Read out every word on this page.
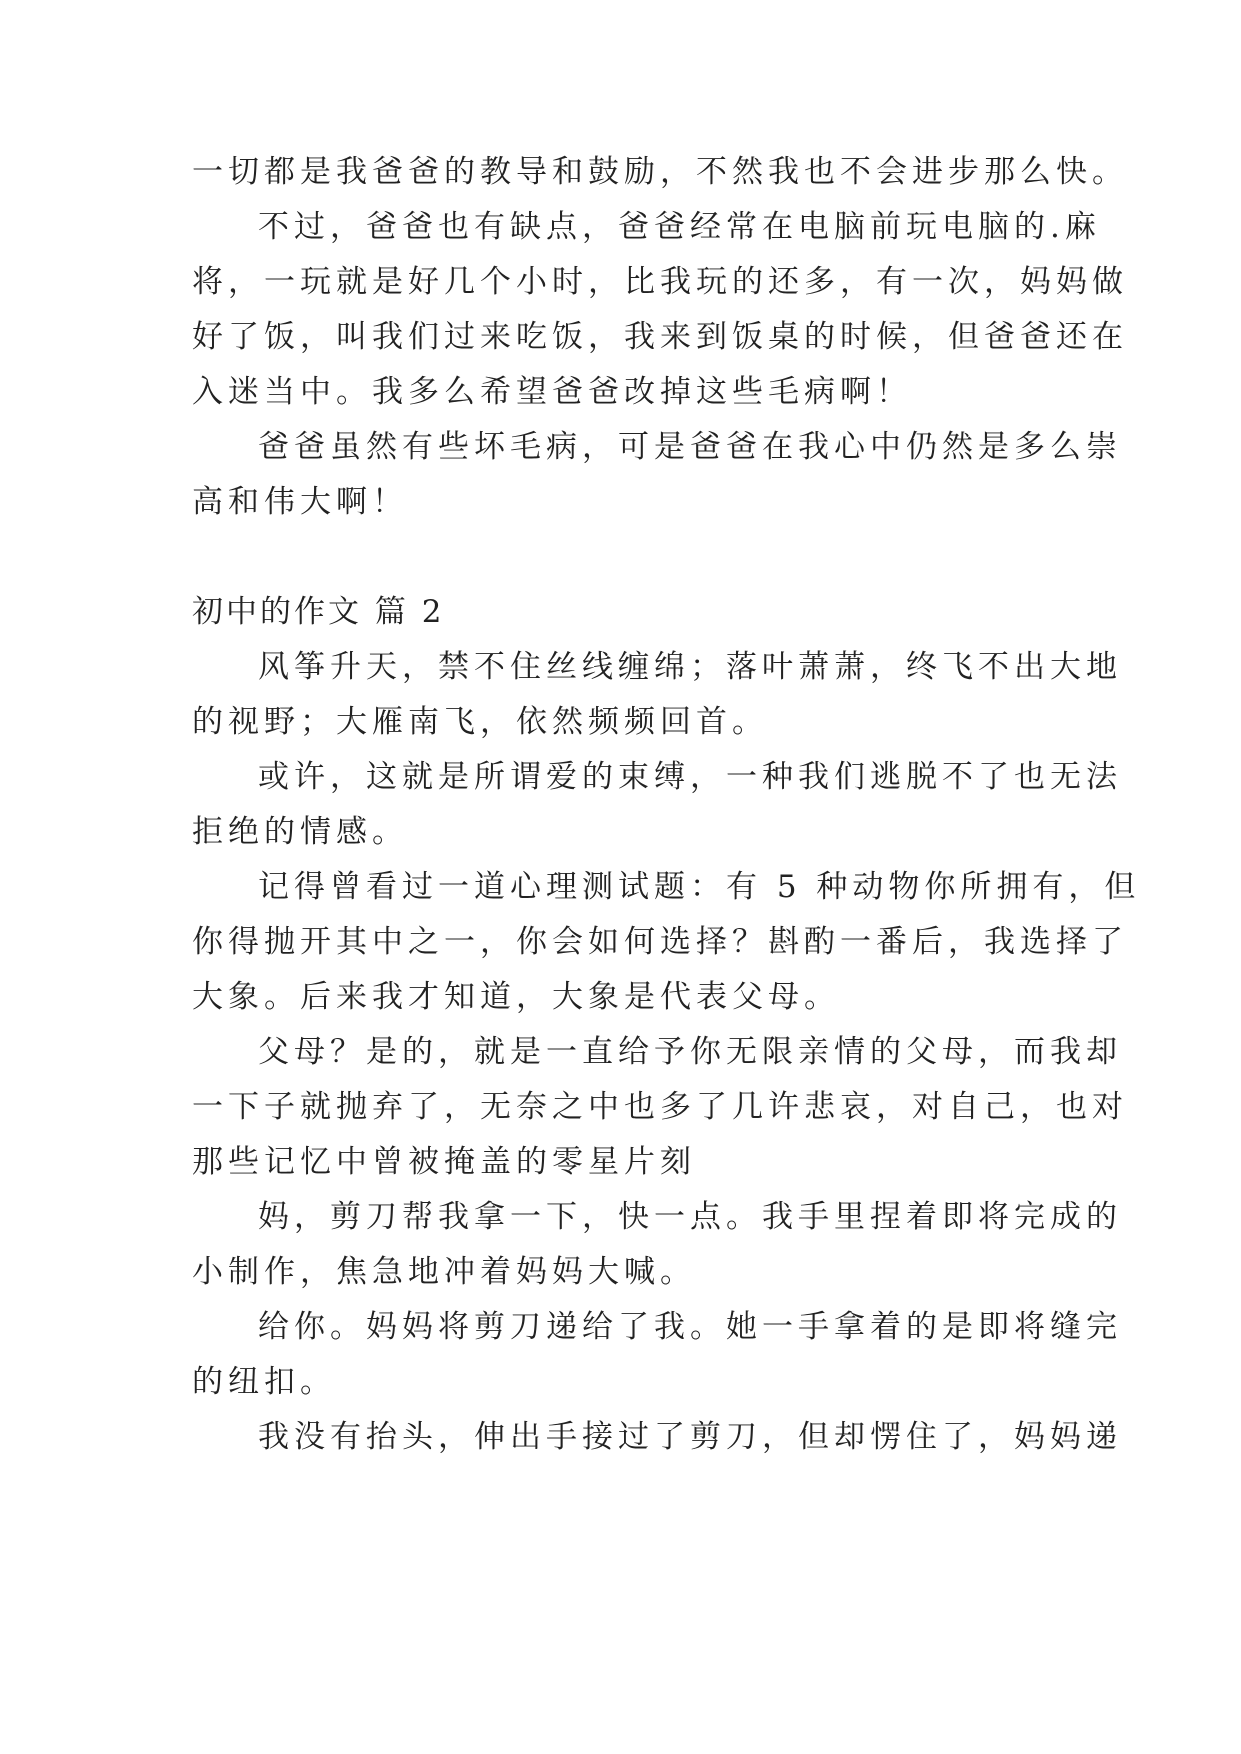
一切都是我爸爸的教导和鼓励，不然我也不会进步那么快。
不过，爸爸也有缺点，爸爸经常在电脑前玩电脑的.麻
将，一玩就是好几个小时，比我玩的还多，有一次，妈妈做
好了饭，叫我们过来吃饭，我来到饭桌的时候，但爸爸还在
入迷当中。我多么希望爸爸改掉这些毛病啊！
爸爸虽然有些坏毛病，可是爸爸在我心中仍然是多么崇
高和伟大啊！
初中的作文 篇 2
风筝升天，禁不住丝线缠绵；落叶萧萧，终飞不出大地
的视野；大雁南飞，依然频频回首。
或许，这就是所谓爱的束缚，一种我们逃脱不了也无法
拒绝的情感。
记得曾看过一道心理测试题：有 5 种动物你所拥有，但
你得抛开其中之一，你会如何选择？斟酌一番后，我选择了
大象。后来我才知道，大象是代表父母。
父母？是的，就是一直给予你无限亲情的父母，而我却
一下子就抛弃了，无奈之中也多了几许悲哀，对自己，也对
那些记忆中曾被掩盖的零星片刻
妈，剪刀帮我拿一下，快一点。我手里捏着即将完成的
小制作，焦急地冲着妈妈大喊。
给你。妈妈将剪刀递给了我。她一手拿着的是即将缝完
的纽扣。
我没有抬头，伸出手接过了剪刀，但却愣住了，妈妈递
